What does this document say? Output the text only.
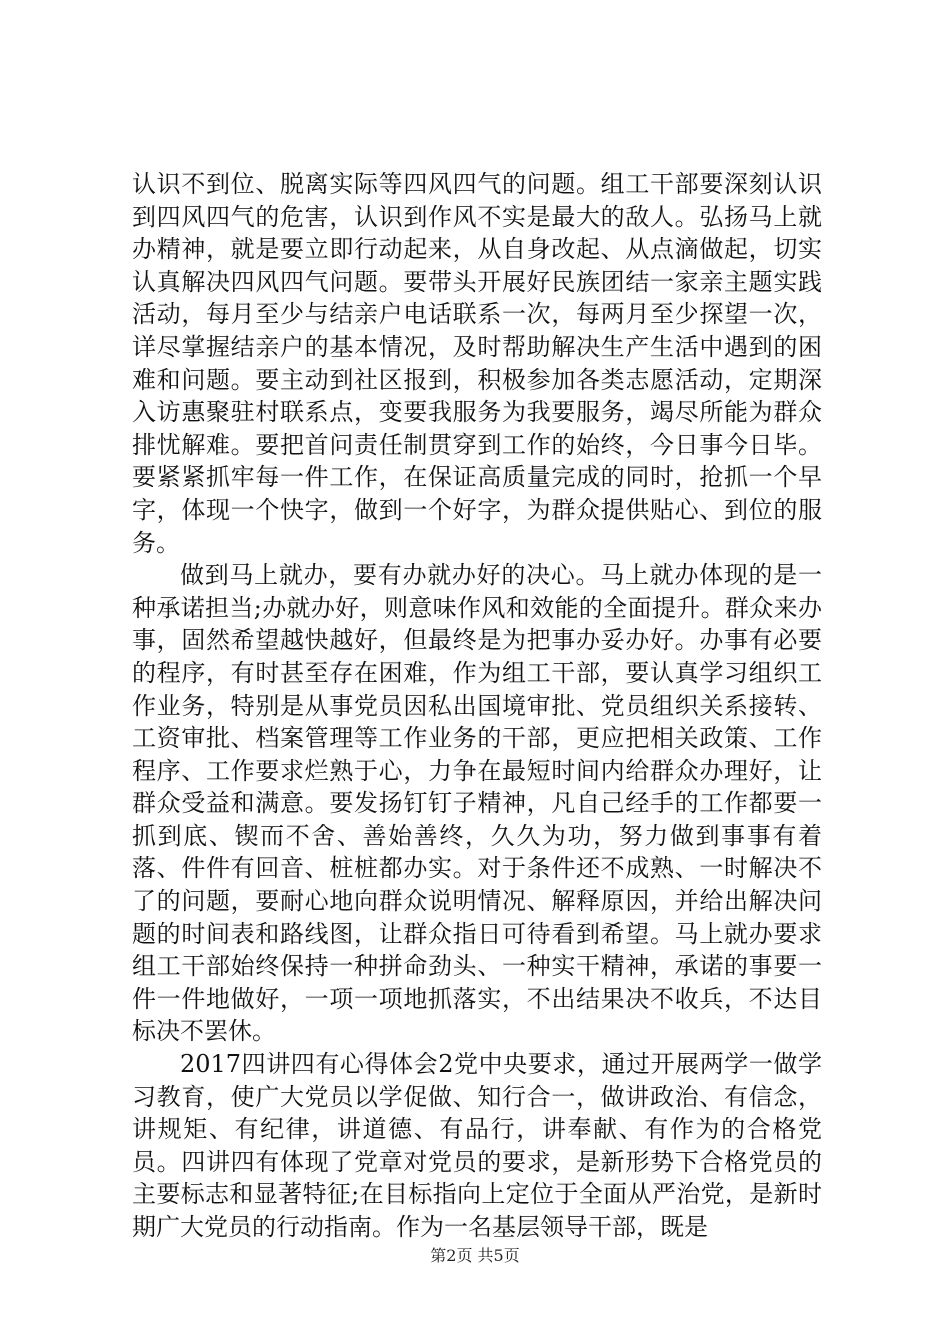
认识不到位、脱离实际等四风四气的问题。组工干部要深刻认识到四风四气的危害，认识到作风不实是最大的敌人。弘扬马上就办精神，就是要立即行动起来，从自身改起、从点滴做起，切实认真解决四风四气问题。要带头开展好民族团结一家亲主题实践活动，每月至少与结亲户电话联系一次，每两月至少探望一次，详尽掌握结亲户的基本情况，及时帮助解决生产生活中遇到的困难和问题。要主动到社区报到，积极参加各类志愿活动，定期深入访惠聚驻村联系点，变要我服务为我要服务，竭尽所能为群众排忧解难。要把首问责任制贯穿到工作的始终，今日事今日毕。要紧紧抓牢每一件工作，在保证高质量完成的同时，抢抓一个早字，体现一个快字，做到一个好字，为群众提供贴心、到位的服务。

做到马上就办，要有办就办好的决心。马上就办体现的是一种承诺担当;办就办好，则意味作风和效能的全面提升。群众来办事，固然希望越快越好，但最终是为把事办妥办好。办事有必要的程序，有时甚至存在困难，作为组工干部，要认真学习组织工作业务，特别是从事党员因私出国境审批、党员组织关系接转、工资审批、档案管理等工作业务的干部，更应把相关政策、工作程序、工作要求烂熟于心，力争在最短时间内给群众办理好，让群众受益和满意。要发扬钉钉子精神，凡自己经手的工作都要一抓到底、锲而不舍、善始善终，久久为功，努力做到事事有着落、件件有回音、桩桩都办实。对于条件还不成熟、一时解决不了的问题，要耐心地向群众说明情况、解释原因，并给出解决问题的时间表和路线图，让群众指日可待看到希望。马上就办要求组工干部始终保持一种拼命劲头、一种实干精神，承诺的事要一件一件地做好，一项一项地抓落实，不出结果决不收兵，不达目标决不罢休。

2017四讲四有心得体会2党中央要求，通过开展两学一做学习教育，使广大党员以学促做、知行合一，做讲政治、有信念，讲规矩、有纪律，讲道德、有品行，讲奉献、有作为的合格党员。四讲四有体现了党章对党员的要求，是新形势下合格党员的主要标志和显著特征;在目标指向上定位于全面从严治党，是新时期广大党员的行动指南。作为一名基层领导干部，既是

第2页 共5页
